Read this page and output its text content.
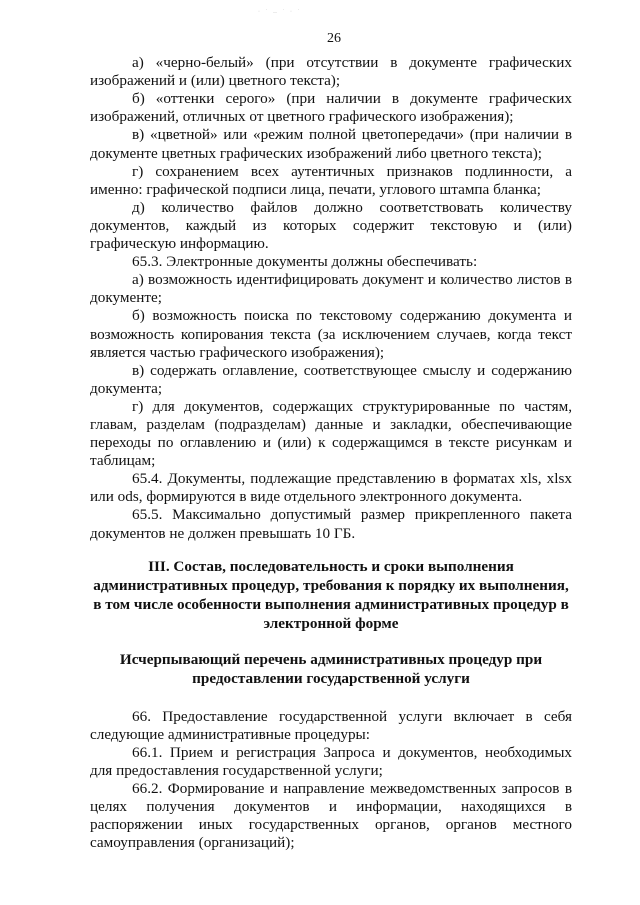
· ˙ ‥ ˙ · ˙
26

а) «черно-белый» (при отсутствии в документе графических изображений и (или) цветного текста);

б) «оттенки серого» (при наличии в документе графических изображений, отличных от цветного графического изображения);

в) «цветной» или «режим полной цветопередачи» (при наличии в документе цветных графических изображений либо цветного текста);

г) сохранением всех аутентичных признаков подлинности, а именно: графической подписи лица, печати, углового штампа бланка;

д) количество файлов должно соответствовать количеству документов, каждый из которых содержит текстовую и (или) графическую информацию.

65.3. Электронные документы должны обеспечивать:

а) возможность идентифицировать документ и количество листов в документе;

б) возможность поиска по текстовому содержанию документа и возможность копирования текста (за исключением случаев, когда текст является частью графического изображения);

в) содержать оглавление, соответствующее смыслу и содержанию документа;

г) для документов, содержащих структурированные по частям, главам, разделам (подразделам) данные и закладки, обеспечивающие переходы по оглавлению и (или) к содержащимся в тексте рисункам и таблицам;

65.4. Документы, подлежащие представлению в форматах xls, xlsx или ods, формируются в виде отдельного электронного документа.

65.5. Максимально допустимый размер прикрепленного пакета документов не должен превышать 10 ГБ.

III. Состав, последовательность и сроки выполнения административных процедур, требования к порядку их выполнения, в том числе особенности выполнения административных процедур в электронной форме

Исчерпывающий перечень административных процедур при предоставлении государственной услуги

66. Предоставление государственной услуги включает в себя следующие административные процедуры:

66.1. Прием и регистрация Запроса и документов, необходимых для предоставления государственной услуги;

66.2. Формирование и направление межведомственных запросов в целях получения документов и информации, находящихся в распоряжении иных государственных органов, органов местного самоуправления (организаций);
